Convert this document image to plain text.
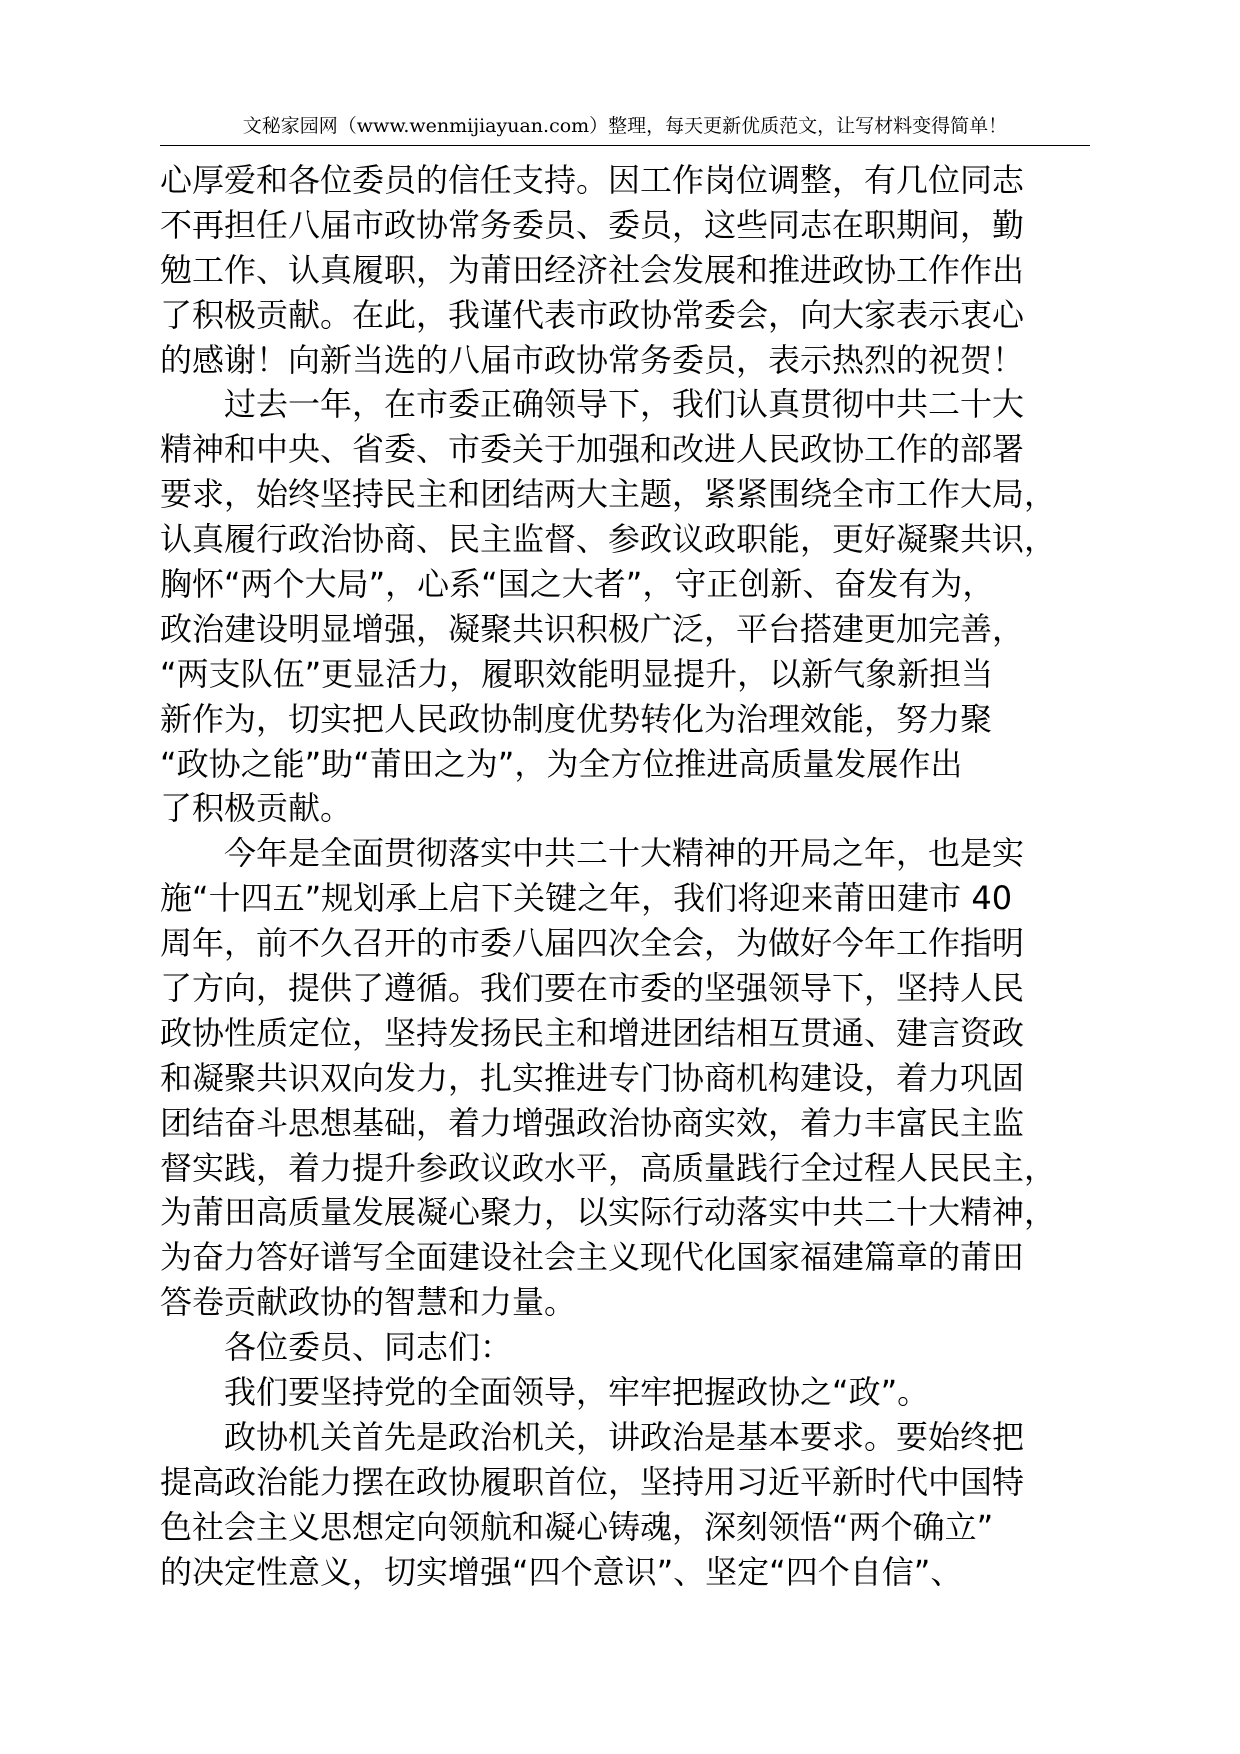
文秘家园网（www.wenmijiayuan.com）整理，每天更新优质范文，让写材料变得简单！
心厚爱和各位委员的信任支持。因工作岗位调整，有几位同志
不再担任八届市政协常务委员、委员，这些同志在职期间，勤
勉工作、认真履职，为莆田经济社会发展和推进政协工作作出
了积极贡献。在此，我谨代表市政协常委会，向大家表示衷心
的感谢！向新当选的八届市政协常务委员，表示热烈的祝贺！
　　过去一年，在市委正确领导下，我们认真贯彻中共二十大
精神和中央、省委、市委关于加强和改进人民政协工作的部署
要求，始终坚持民主和团结两大主题，紧紧围绕全市工作大局，
认真履行政治协商、民主监督、参政议政职能，更好凝聚共识，
胸怀“两个大局”，心系“国之大者”，守正创新、奋发有为，
政治建设明显增强，凝聚共识积极广泛，平台搭建更加完善，
“两支队伍”更显活力，履职效能明显提升，以新气象新担当
新作为，切实把人民政协制度优势转化为治理效能，努力聚
“政协之能”助“莆田之为”，为全方位推进高质量发展作出
了积极贡献。
　　今年是全面贯彻落实中共二十大精神的开局之年，也是实
施“十四五”规划承上启下关键之年，我们将迎来莆田建市 40
周年，前不久召开的市委八届四次全会，为做好今年工作指明
了方向，提供了遵循。我们要在市委的坚强领导下，坚持人民
政协性质定位，坚持发扬民主和增进团结相互贯通、建言资政
和凝聚共识双向发力，扎实推进专门协商机构建设，着力巩固
团结奋斗思想基础，着力增强政治协商实效，着力丰富民主监
督实践，着力提升参政议政水平，高质量践行全过程人民民主，
为莆田高质量发展凝心聚力，以实际行动落实中共二十大精神，
为奋力答好谱写全面建设社会主义现代化国家福建篇章的莆田
答卷贡献政协的智慧和力量。
　　各位委员、同志们：
　　我们要坚持党的全面领导，牢牢把握政协之“政”。
　　政协机关首先是政治机关，讲政治是基本要求。要始终把
提高政治能力摆在政协履职首位，坚持用习近平新时代中国特
色社会主义思想定向领航和凝心铸魂，深刻领悟“两个确立”
的决定性意义，切实增强“四个意识”、坚定“四个自信”、
